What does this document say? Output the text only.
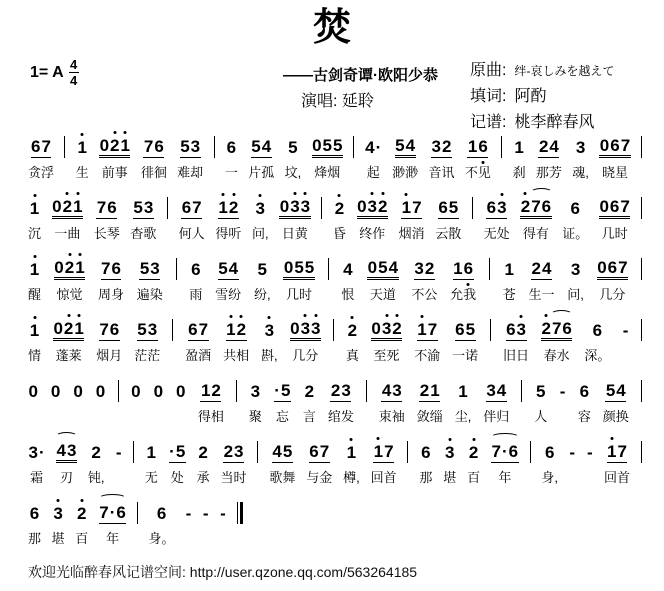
焚
1= A $\frac{4}{4}$	——古剑奇谭·欧阳少恭
演唱: 延聆
原曲: 绊-哀しみを越えて
填词: 阿酌
记谱: 桃李醉春风
6 7
贪浮
1
生
0 2 1
前事
7 6
徘徊
5 3
难却
6
一
5 4
片孤
5
坟,
0 5 5
烽烟
4 ·
起
5 4
渺渺
3 2
音讯
1 6
不见
1
刹
2 4
那芳
3
魂,
0 6 7
晓星
1
沉
0 2 1
一曲
7 6
长琴
5 3
杳歌
6 7
何人
1 2
得听
3
问,
0 3 3
日黄
2
昏
0 3 2
终作
1 7
烟消
6 5
云散
6 3
无处
2 7 6
得有
6
证。
0 6 7
几时
1
醒
0 2 1
惊觉
7 6
周身
5 3
遍染
6
雨
5 4
雪纷
5
纷,
0 5 5
几时
4
恨
0 5 4
天道
3 2
不公
1 6
允我
1
苍
2 4
生一
3
问,
0 6 7
几分
1
情
0 2 1
蓬莱
7 6
烟月
5 3
茫茫
6 7
盈酒
1 2
共相
3
斟,
0 3 3
几分
2
真
0 3 2
至死
1 7
不渝
6 5
一诺
6 3
旧日
2 7 6
春水
6
深。
-
0 0 0 0 0 0 0 1 2
得相
3
聚
· 5
忘
2
言
2 3
绾发
4 3
束袖
2 1
敛缁
1
尘,
3 4
伴归
5
人
- 6
容
5 4
颜换
3 ·
霜
4 3
刃
2
钝,
- 1
无
· 5
处
2
承
2 3
当时
4 5
歌舞
6 7
与金
1
樽,
1 7
回首
6
那
3
堪
2
百
7 · 6
年
6
身,
- - 1 7
回首
6
那
3
堪
2
百
7 · 6
年
6
身。
- - -
欢迎光临醉春风记谱空间: http://user.qzone.qq.com/563264185
